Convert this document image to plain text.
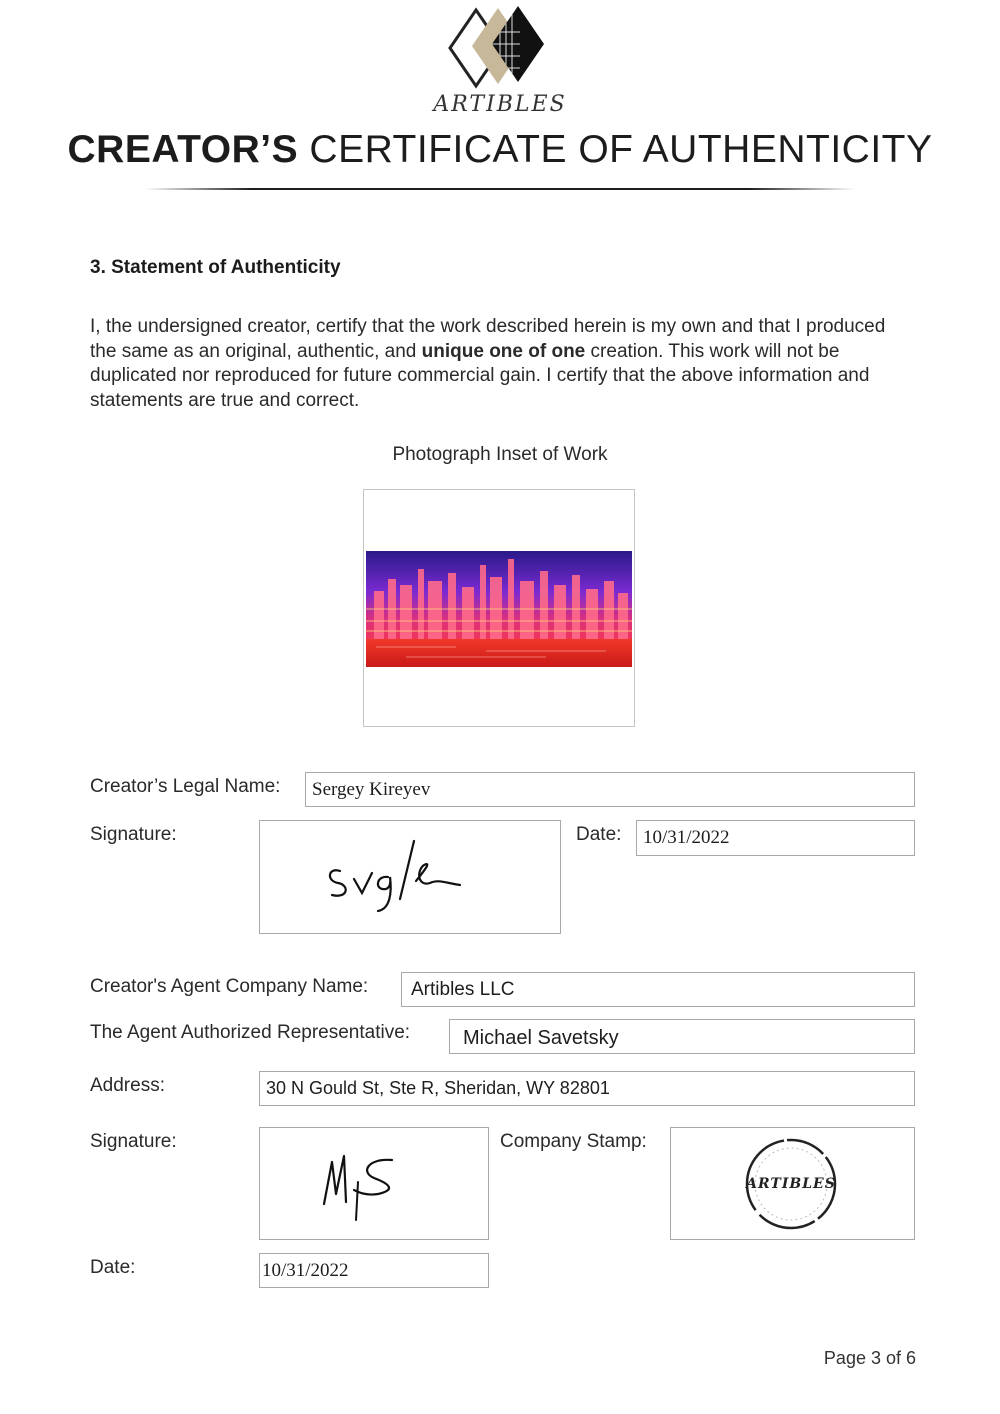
ARTIBLES
CREATOR’S CERTIFICATE OF AUTHENTICITY
3. Statement of Authenticity
I, the undersigned creator, certify that the work described herein is my own and that I produced the same as an original, authentic, and unique one of one creation. This work will not be duplicated nor reproduced for future commercial gain. I certify that the above information and statements are true and correct.
Photograph Inset of Work
Creator’s Legal Name: Sergey Kireyev
Signature:	Date: 10/31/2022
Creator's Agent Company Name: Artibles LLC
The Agent Authorized Representative:	Michael Savetsky
Address:	30 N Gould St, Ste R, Sheridan, WY 82801
Signature:	Company Stamp:
ARTIBLES
Date:	10/31/2022
Page 3 of 6
